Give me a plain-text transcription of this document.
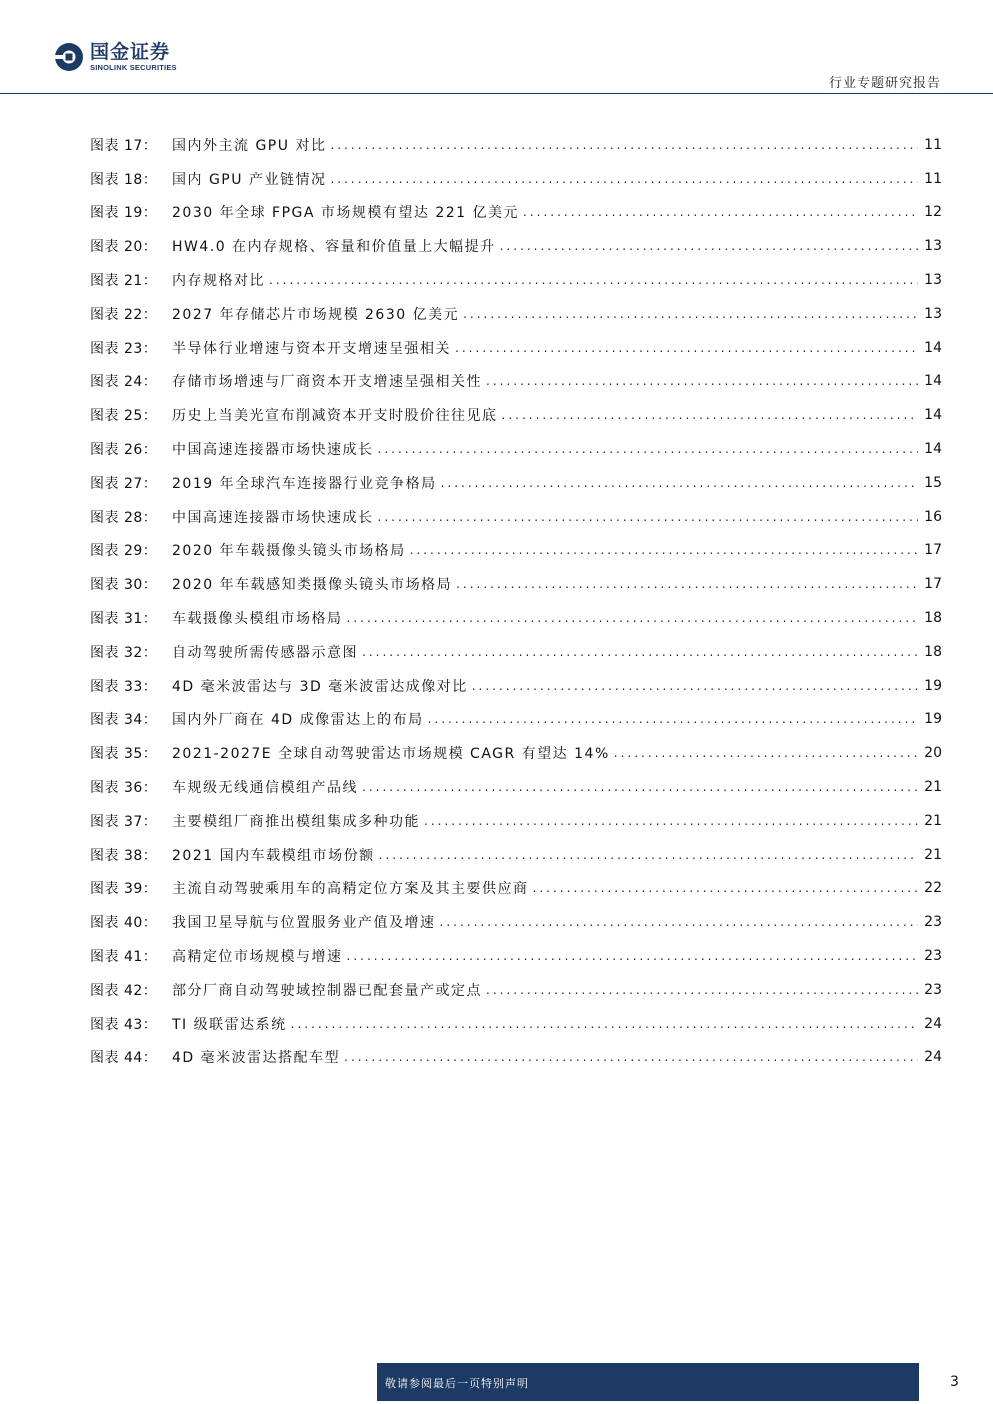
国金证券
SINOLINK SECURITIES
行业专题研究报告
图表 17：	国内外主流 GPU 对比 .....	11
图表 18：	国内 GPU 产业链情况 .....	11
图表 19：	2030 年全球 FPGA 市场规模有望达 221 亿美元 .....	12
图表 20：	HW4.0 在内存规格、容量和价值量上大幅提升 .....	13
图表 21：	内存规格对比 .....	13
图表 22：	2027 年存储芯片市场规模 2630 亿美元 .....	13
图表 23：	半导体行业增速与资本开支增速呈强相关 .....	14
图表 24：	存储市场增速与厂商资本开支增速呈强相关性 .....	14
图表 25：	历史上当美光宣布削减资本开支时股价往往见底 .....	14
图表 26：	中国高速连接器市场快速成长 .....	14
图表 27：	2019 年全球汽车连接器行业竞争格局 .....	15
图表 28：	中国高速连接器市场快速成长 .....	16
图表 29：	2020 年车载摄像头镜头市场格局 .....	17
图表 30：	2020 年车载感知类摄像头镜头市场格局 .....	17
图表 31：	车载摄像头模组市场格局 .....	18
图表 32：	自动驾驶所需传感器示意图 .....	18
图表 33：	4D 毫米波雷达与 3D 毫米波雷达成像对比 .....	19
图表 34：	国内外厂商在 4D 成像雷达上的布局 .....	19
图表 35：	2021-2027E 全球自动驾驶雷达市场规模 CAGR 有望达 14% .....	20
图表 36：	车规级无线通信模组产品线 .....	21
图表 37：	主要模组厂商推出模组集成多种功能 .....	21
图表 38：	2021 国内车载模组市场份额 .....	21
图表 39：	主流自动驾驶乘用车的高精定位方案及其主要供应商 .....	22
图表 40：	我国卫星导航与位置服务业产值及增速 .....	23
图表 41：	高精定位市场规模与增速 .....	23
图表 42：	部分厂商自动驾驶域控制器已配套量产或定点 .....	23
图表 43：	TI 级联雷达系统 .....	24
图表 44：	4D 毫米波雷达搭配车型 .....	24
敬请参阅最后一页特别声明	3
